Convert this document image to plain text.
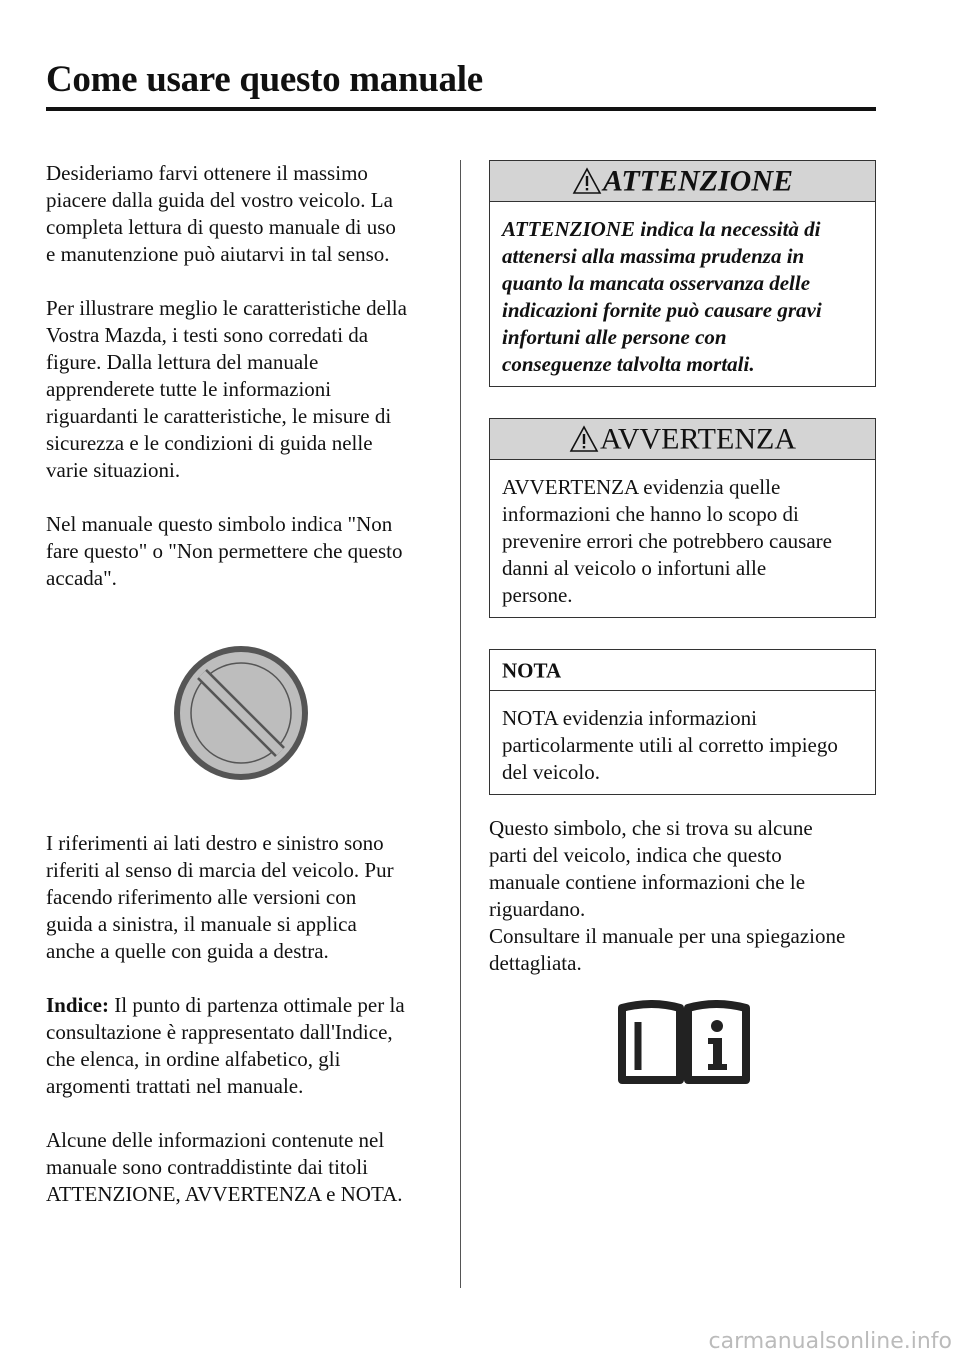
Come usare questo manuale

Desideriamo farvi ottenere il massimo
piacere dalla guida del vostro veicolo. La
completa lettura di questo manuale di uso
e manutenzione può aiutarvi in tal senso.

Per illustrare meglio le caratteristiche della
Vostra Mazda, i testi sono corredati da
figure. Dalla lettura del manuale
apprenderete tutte le informazioni
riguardanti le caratteristiche, le misure di
sicurezza e le condizioni di guida nelle
varie situazioni.

Nel manuale questo simbolo indica "Non
fare questo" o "Non permettere che questo
accada".

I riferimenti ai lati destro e sinistro sono
riferiti al senso di marcia del veicolo. Pur
facendo riferimento alle versioni con
guida a sinistra, il manuale si applica
anche a quelle con guida a destra.

Indice: Il punto di partenza ottimale per la
consultazione è rappresentato dall'Indice,
che elenca, in ordine alfabetico, gli
argomenti trattati nel manuale.

Alcune delle informazioni contenute nel
manuale sono contraddistinte dai titoli
ATTENZIONE, AVVERTENZA e NOTA.

ATTENZIONE
ATTENZIONE indica la necessità di
attenersi alla massima prudenza in
quanto la mancata osservanza delle
indicazioni fornite può causare gravi
infortuni alle persone con
conseguenze talvolta mortali.
AVVERTENZA
AVVERTENZA evidenzia quelle
informazioni che hanno lo scopo di
prevenire errori che potrebbero causare
danni al veicolo o infortuni alle
persone.
NOTA
NOTA evidenzia informazioni
particolarmente utili al corretto impiego
del veicolo.

Questo simbolo, che si trova su alcune
parti del veicolo, indica che questo
manuale contiene informazioni che le
riguardano.
Consultare il manuale per una spiegazione
dettagliata.

carmanualsonline.info
